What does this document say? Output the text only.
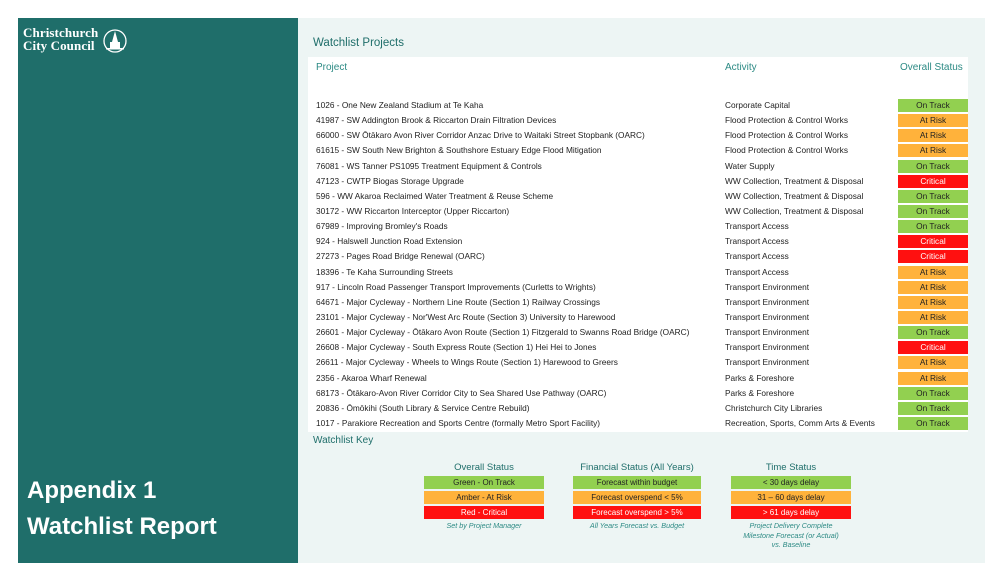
Christchurch
City Council
Appendix 1
Watchlist Report
Watchlist Projects
Project	Activity	Overall Status
1026 - One New Zealand Stadium at Te Kaha	Corporate Capital	On Track
41987 - SW Addington Brook & Riccarton Drain Filtration Devices	Flood Protection & Control Works	At Risk
66000 - SW Ōtākaro Avon River Corridor Anzac Drive to Waitaki Street Stopbank (OARC)	Flood Protection & Control Works	At Risk
61615 - SW South New Brighton & Southshore Estuary Edge Flood Mitigation	Flood Protection & Control Works	At Risk
76081 - WS Tanner PS1095 Treatment Equipment & Controls	Water Supply	On Track
47123 - CWTP Biogas Storage Upgrade	WW Collection, Treatment & Disposal	Critical
596 - WW Akaroa Reclaimed Water Treatment & Reuse Scheme	WW Collection, Treatment & Disposal	On Track
30172 - WW Riccarton Interceptor (Upper Riccarton)	WW Collection, Treatment & Disposal	On Track
67989 - Improving Bromley's Roads	Transport Access	On Track
924 - Halswell Junction Road Extension	Transport Access	Critical
27273 - Pages Road Bridge Renewal (OARC)	Transport Access	Critical
18396 - Te Kaha Surrounding Streets	Transport Access	At Risk
917 - Lincoln Road Passenger Transport Improvements (Curletts to Wrights)	Transport Environment	At Risk
64671 - Major Cycleway - Northern Line Route (Section 1) Railway Crossings	Transport Environment	At Risk
23101 - Major Cycleway - Nor'West Arc Route (Section 3) University to Harewood	Transport Environment	At Risk
26601 - Major Cycleway - Ōtākaro Avon Route (Section 1) Fitzgerald to Swanns Road Bridge (OARC)	Transport Environment	On Track
26608 - Major Cycleway - South Express Route (Section 1) Hei Hei to Jones	Transport Environment	Critical
26611 - Major Cycleway - Wheels to Wings Route (Section 1) Harewood to Greers	Transport Environment	At Risk
2356 - Akaroa Wharf Renewal	Parks & Foreshore	At Risk
68173 - Ōtākaro-Avon River Corridor City to Sea Shared Use Pathway (OARC)	Parks & Foreshore	On Track
20836 - Ōmōkihi (South Library & Service Centre Rebuild)	Christchurch City Libraries	On Track
1017 - Parakiore Recreation and Sports Centre (formally Metro Sport Facility)	Recreation, Sports, Comm Arts & Events	On Track
Watchlist Key
Overall Status
Green - On Track
Amber - At Risk
Red - Critical
Set by Project Manager
Financial Status (All Years)
Forecast within budget
Forecast overspend < 5%
Forecast overspend > 5%
All Years Forecast vs. Budget
Time Status
< 30 days delay
31 – 60 days delay
> 61 days delay
Project Delivery Complete
Milestone Forecast (or Actual)
vs. Baseline
